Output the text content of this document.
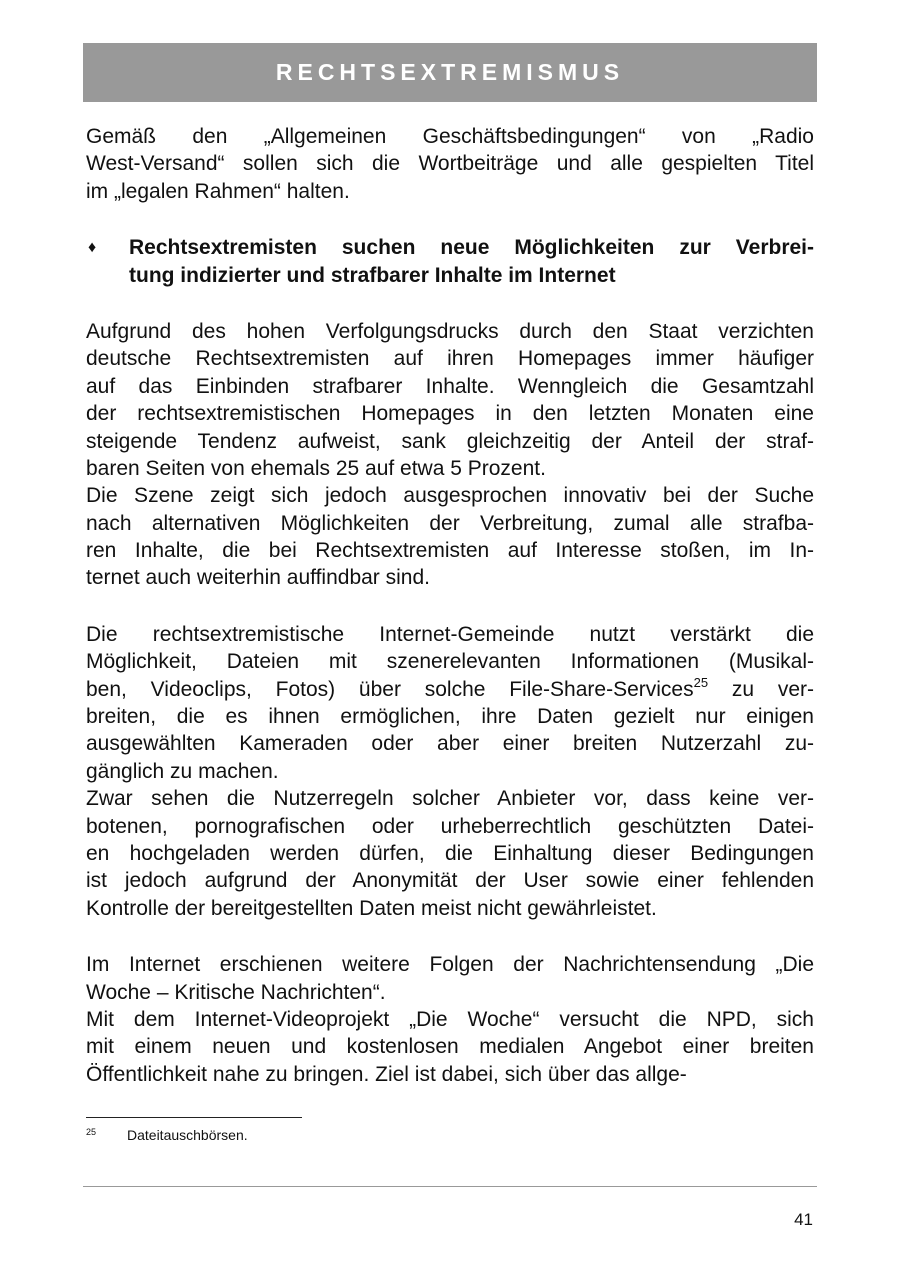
RECHTSEXTREMISMUS
Gemäß den „Allgemeinen Geschäftsbedingungen“ von „Radio
West-Versand“ sollen sich die Wortbeiträge und alle gespielten Titel
im „legalen Rahmen“ halten.
♦ Rechtsextremisten suchen neue Möglichkeiten zur Verbrei-
tung indizierter und strafbarer Inhalte im Internet
Aufgrund des hohen Verfolgungsdrucks durch den Staat verzichten
deutsche Rechtsextremisten auf ihren Homepages immer häufiger
auf das Einbinden strafbarer Inhalte. Wenngleich die Gesamtzahl
der rechtsextremistischen Homepages in den letzten Monaten eine
steigende Tendenz aufweist, sank gleichzeitig der Anteil der straf-
baren Seiten von ehemals 25 auf etwa 5 Prozent.
Die Szene zeigt sich jedoch ausgesprochen innovativ bei der Suche
nach alternativen Möglichkeiten der Verbreitung, zumal alle strafba-
ren Inhalte, die bei Rechtsextremisten auf Interesse stoßen, im In-
ternet auch weiterhin auffindbar sind.
Die rechtsextremistische Internet-Gemeinde nutzt verstärkt die
Möglichkeit, Dateien mit szenerelevanten Informationen (Musikal-
ben, Videoclips, Fotos) über solche File-Share-Services$^{25}$ zu ver-
breiten, die es ihnen ermöglichen, ihre Daten gezielt nur einigen
ausgewählten Kameraden oder aber einer breiten Nutzerzahl zu-
gänglich zu machen.
Zwar sehen die Nutzerregeln solcher Anbieter vor, dass keine ver-
botenen, pornografischen oder urheberrechtlich geschützten Datei-
en hochgeladen werden dürfen, die Einhaltung dieser Bedingungen
ist jedoch aufgrund der Anonymität der User sowie einer fehlenden
Kontrolle der bereitgestellten Daten meist nicht gewährleistet.
Im Internet erschienen weitere Folgen der Nachrichtensendung „Die
Woche – Kritische Nachrichten“.
Mit dem Internet-Videoprojekt „Die Woche“ versucht die NPD, sich
mit einem neuen und kostenlosen medialen Angebot einer breiten
Öffentlichkeit nahe zu bringen. Ziel ist dabei, sich über das allge-
$^{25}$ Dateitauschbörsen.
41
